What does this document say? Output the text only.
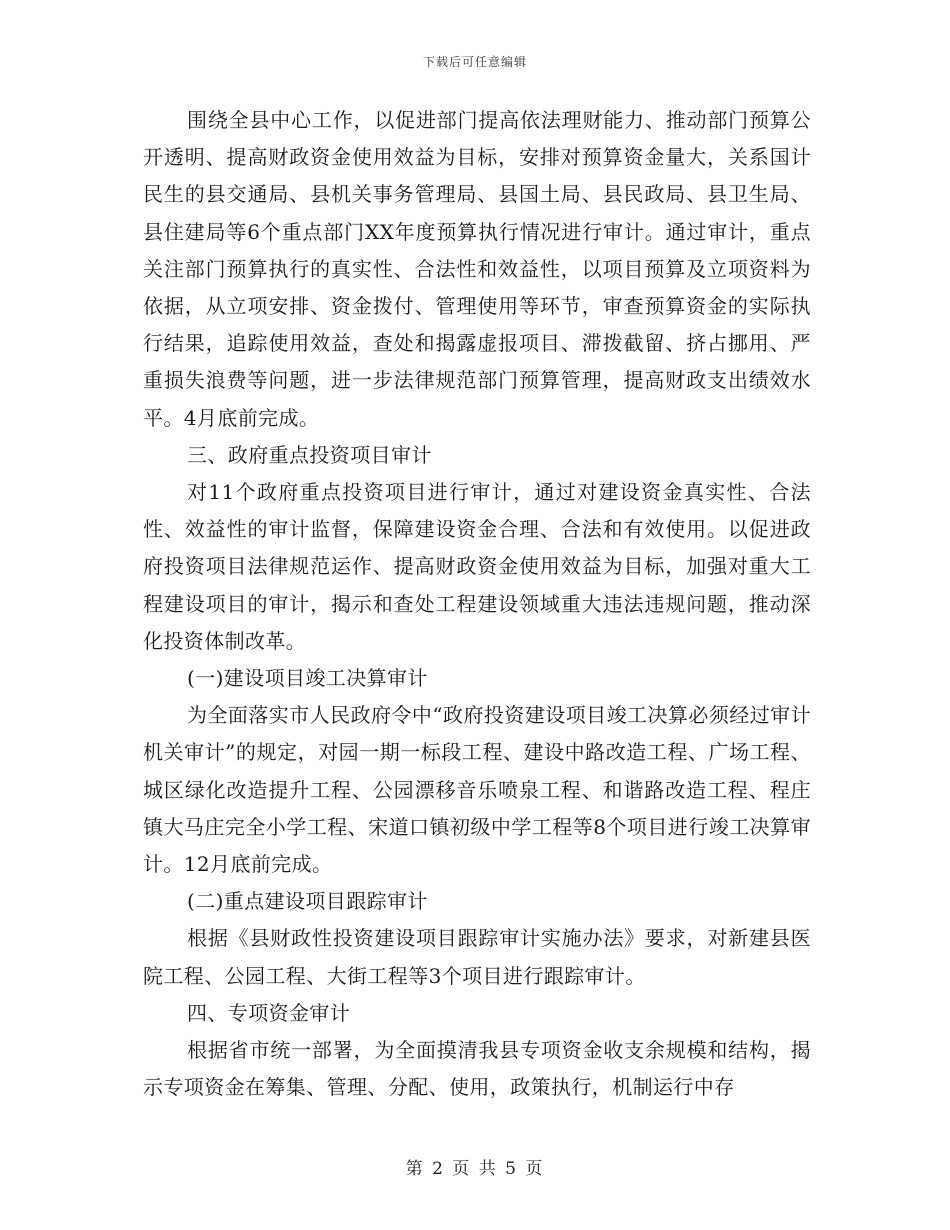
下载后可任意编辑

围绕全县中心工作，以促进部门提高依法理财能力、推动部门预算公开透明、提高财政资金使用效益为目标，安排对预算资金量大，关系国计民生的县交通局、县机关事务管理局、县国土局、县民政局、县卫生局、县住建局等6个重点部门XX年度预算执行情况进行审计。通过审计，重点关注部门预算执行的真实性、合法性和效益性，以项目预算及立项资料为依据，从立项安排、资金拨付、管理使用等环节，审查预算资金的实际执行结果，追踪使用效益，查处和揭露虚报项目、滞拨截留、挤占挪用、严重损失浪费等问题，进一步法律规范部门预算管理，提高财政支出绩效水平。4月底前完成。

三、政府重点投资项目审计

对11个政府重点投资项目进行审计，通过对建设资金真实性、合法性、效益性的审计监督，保障建设资金合理、合法和有效使用。以促进政府投资项目法律规范运作、提高财政资金使用效益为目标，加强对重大工程建设项目的审计，揭示和查处工程建设领域重大违法违规问题，推动深化投资体制改革。

(一)建设项目竣工决算审计

为全面落实市人民政府令中“政府投资建设项目竣工决算必须经过审计机关审计”的规定，对园一期一标段工程、建设中路改造工程、广场工程、城区绿化改造提升工程、公园漂移音乐喷泉工程、和谐路改造工程、程庄镇大马庄完全小学工程、宋道口镇初级中学工程等8个项目进行竣工决算审计。12月底前完成。

(二)重点建设项目跟踪审计

根据《县财政性投资建设项目跟踪审计实施办法》要求，对新建县医院工程、公园工程、大街工程等3个项目进行跟踪审计。

四、专项资金审计

根据省市统一部署，为全面摸清我县专项资金收支余规模和结构，揭示专项资金在筹集、管理、分配、使用，政策执行，机制运行中存

第 2 页 共 5 页
